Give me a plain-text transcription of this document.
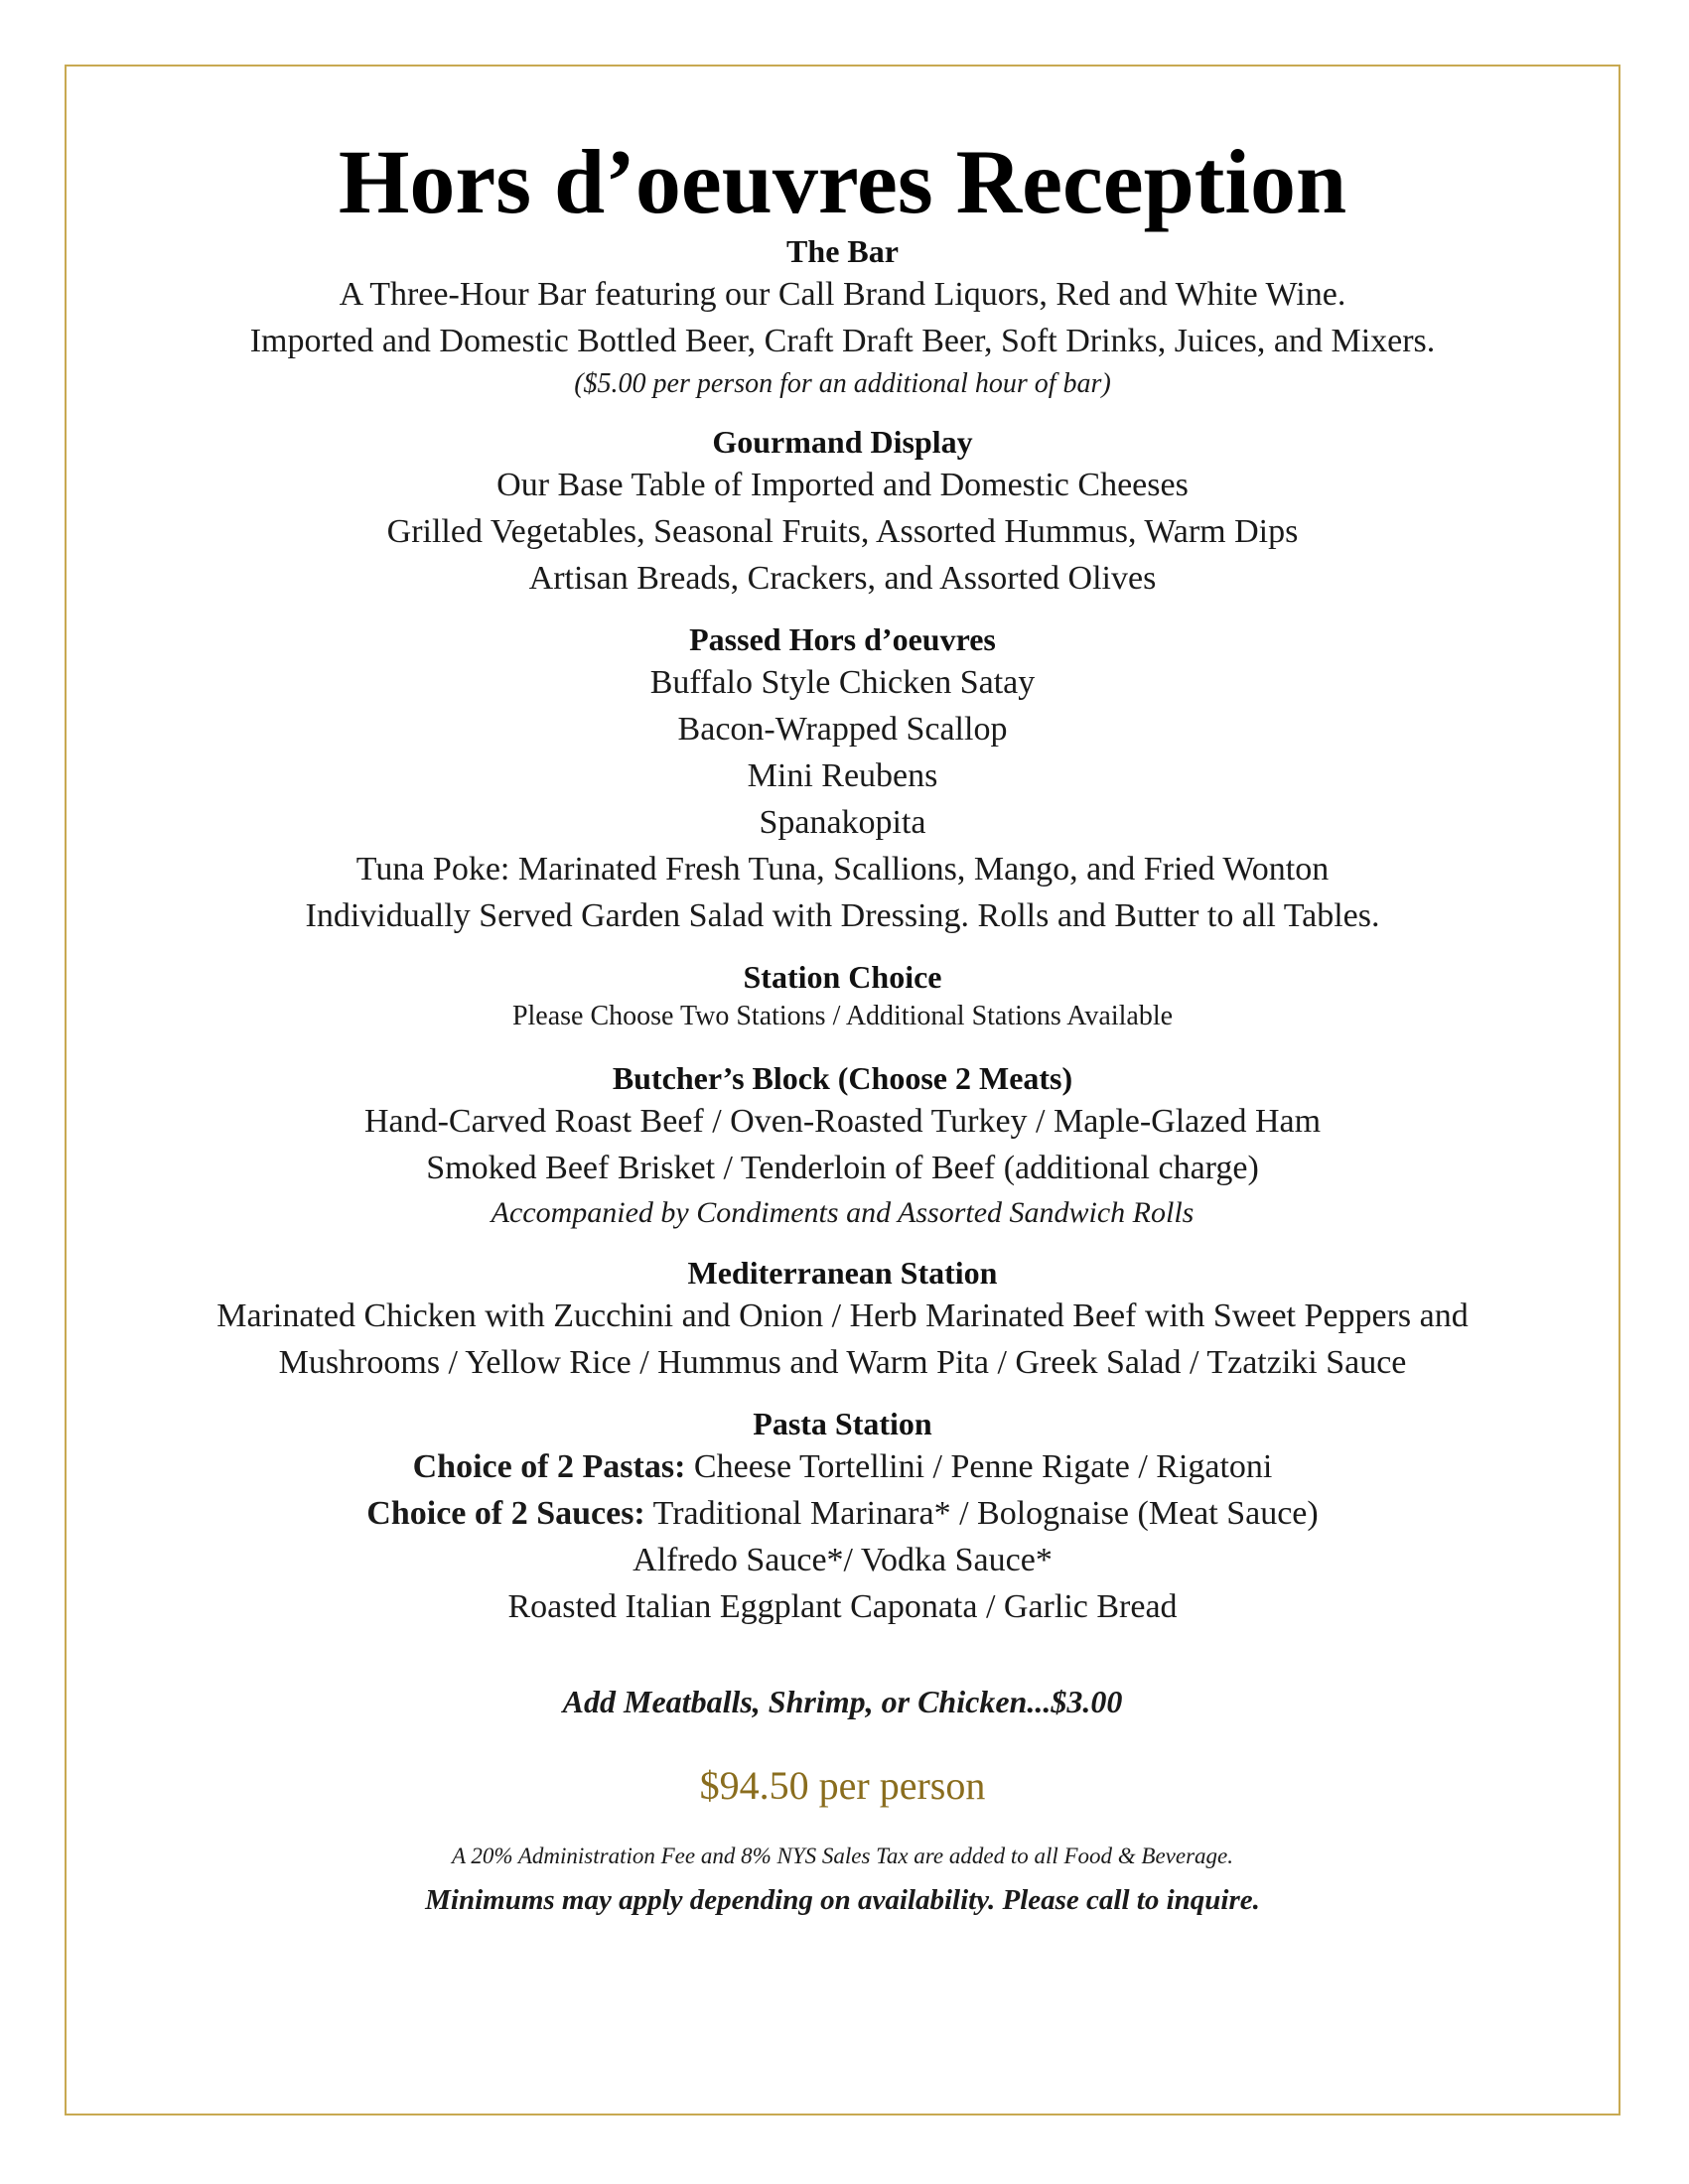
Hors d’oeuvres Reception
The Bar
A Three-Hour Bar featuring our Call Brand Liquors, Red and White Wine.
Imported and Domestic Bottled Beer, Craft Draft Beer, Soft Drinks, Juices, and Mixers.
($5.00 per person for an additional hour of bar)
Gourmand Display
Our Base Table of Imported and Domestic Cheeses
Grilled Vegetables, Seasonal Fruits, Assorted Hummus, Warm Dips
Artisan Breads, Crackers, and Assorted Olives
Passed Hors d’oeuvres
Buffalo Style Chicken Satay
Bacon-Wrapped Scallop
Mini Reubens
Spanakopita
Tuna Poke: Marinated Fresh Tuna, Scallions, Mango, and Fried Wonton
Individually Served Garden Salad with Dressing. Rolls and Butter to all Tables.
Station Choice
Please Choose Two Stations / Additional Stations Available
Butcher’s Block (Choose 2 Meats)
Hand-Carved Roast Beef / Oven-Roasted Turkey / Maple-Glazed Ham
Smoked Beef Brisket / Tenderloin of Beef (additional charge)
Accompanied by Condiments and Assorted Sandwich Rolls
Mediterranean Station
Marinated Chicken with Zucchini and Onion / Herb Marinated Beef with Sweet Peppers and
Mushrooms / Yellow Rice / Hummus and Warm Pita / Greek Salad / Tzatziki Sauce
Pasta Station
Choice of 2 Pastas: Cheese Tortellini / Penne Rigate / Rigatoni
Choice of 2 Sauces: Traditional Marinara* / Bolognaise (Meat Sauce)
Alfredo Sauce*/ Vodka Sauce*
Roasted Italian Eggplant Caponata / Garlic Bread
Add Meatballs, Shrimp, or Chicken...$3.00
$94.50 per person
A 20% Administration Fee and 8% NYS Sales Tax are added to all Food & Beverage.
Minimums may apply depending on availability. Please call to inquire.
